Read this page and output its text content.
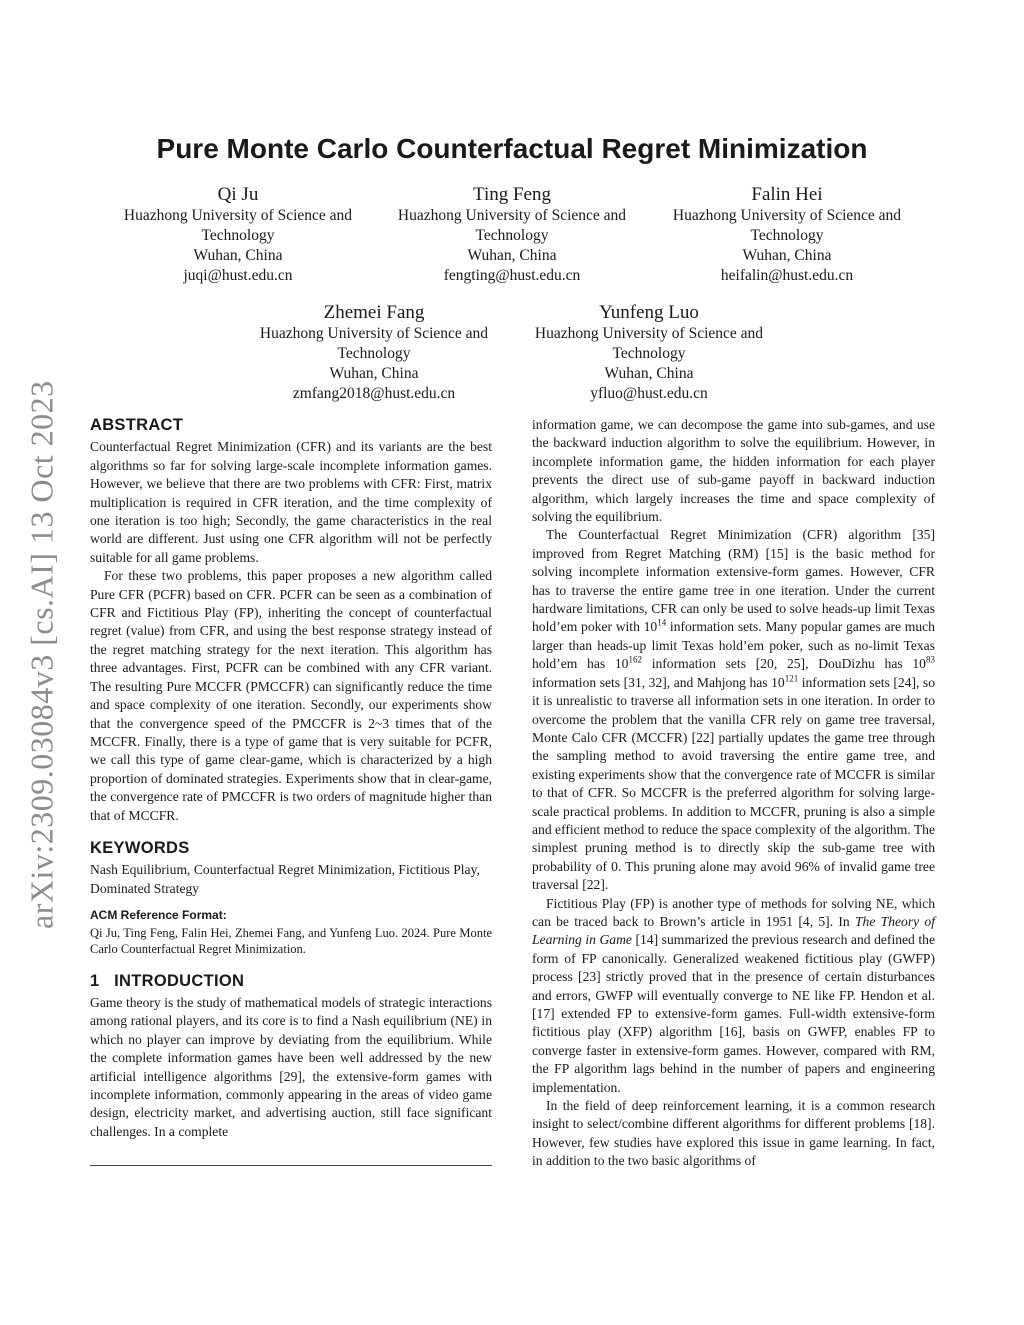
arXiv:2309.03084v3 [cs.AI] 13 Oct 2023
Pure Monte Carlo Counterfactual Regret Minimization
Qi Ju
Huazhong University of Science and
Technology
Wuhan, China
juqi@hust.edu.cn
Ting Feng
Huazhong University of Science and
Technology
Wuhan, China
fengting@hust.edu.cn
Falin Hei
Huazhong University of Science and
Technology
Wuhan, China
heifalin@hust.edu.cn
Zhemei Fang
Huazhong University of Science and
Technology
Wuhan, China
zmfang2018@hust.edu.cn
Yunfeng Luo
Huazhong University of Science and
Technology
Wuhan, China
yfluo@hust.edu.cn
ABSTRACT

Counterfactual Regret Minimization (CFR) and its variants are the best algorithms so far for solving large-scale incomplete information games. However, we believe that there are two problems with CFR: First, matrix multiplication is required in CFR iteration, and the time complexity of one iteration is too high; Secondly, the game characteristics in the real world are different. Just using one CFR algorithm will not be perfectly suitable for all game problems.

For these two problems, this paper proposes a new algorithm called Pure CFR (PCFR) based on CFR. PCFR can be seen as a combination of CFR and Fictitious Play (FP), inheriting the concept of counterfactual regret (value) from CFR, and using the best response strategy instead of the regret matching strategy for the next iteration. This algorithm has three advantages. First, PCFR can be combined with any CFR variant. The resulting Pure MCCFR (PMCCFR) can significantly reduce the time and space complexity of one iteration. Secondly, our experiments show that the convergence speed of the PMCCFR is 2~3 times that of the MCCFR. Finally, there is a type of game that is very suitable for PCFR, we call this type of game clear-game, which is characterized by a high proportion of dominated strategies. Experiments show that in clear-game, the convergence rate of PMCCFR is two orders of magnitude higher than that of MCCFR.

KEYWORDS

Nash Equilibrium, Counterfactual Regret Minimization, Fictitious Play, Dominated Strategy

ACM Reference Format:

Qi Ju, Ting Feng, Falin Hei, Zhemei Fang, and Yunfeng Luo. 2024. Pure Monte Carlo Counterfactual Regret Minimization.

1   INTRODUCTION

Game theory is the study of mathematical models of strategic interactions among rational players, and its core is to find a Nash equilibrium (NE) in which no player can improve by deviating from the equilibrium. While the complete information games have been well addressed by the new artificial intelligence algorithms [29], the extensive-form games with incomplete information, commonly appearing in the areas of video game design, electricity market, and advertising auction, still face significant challenges. In a complete

information game, we can decompose the game into sub-games, and use the backward induction algorithm to solve the equilibrium. However, in incomplete information game, the hidden information for each player prevents the direct use of sub-game payoff in backward induction algorithm, which largely increases the time and space complexity of solving the equilibrium.

The Counterfactual Regret Minimization (CFR) algorithm [35] improved from Regret Matching (RM) [15] is the basic method for solving incomplete information extensive-form games. However, CFR has to traverse the entire game tree in one iteration. Under the current hardware limitations, CFR can only be used to solve heads-up limit Texas hold’em poker with $10^{14}$ information sets. Many popular games are much larger than heads-up limit Texas hold’em poker, such as no-limit Texas hold’em has $10^{162}$ information sets [20, 25], DouDizhu has $10^{83}$ information sets [31, 32], and Mahjong has $10^{121}$ information sets [24], so it is unrealistic to traverse all information sets in one iteration. In order to overcome the problem that the vanilla CFR rely on game tree traversal, Monte Calo CFR (MCCFR) [22] partially updates the game tree through the sampling method to avoid traversing the entire game tree, and existing experiments show that the convergence rate of MCCFR is similar to that of CFR. So MCCFR is the preferred algorithm for solving large-scale practical problems. In addition to MCCFR, pruning is also a simple and efficient method to reduce the space complexity of the algorithm. The simplest pruning method is to directly skip the sub-game tree with probability of 0. This pruning alone may avoid 96% of invalid game tree traversal [22].

Fictitious Play (FP) is another type of methods for solving NE, which can be traced back to Brown’s article in 1951 [4, 5]. In The Theory of Learning in Game [14] summarized the previous research and defined the form of FP canonically. Generalized weakened fictitious play (GWFP) process [23] strictly proved that in the presence of certain disturbances and errors, GWFP will eventually converge to NE like FP. Hendon et al. [17] extended FP to extensive-form games. Full-width extensive-form fictitious play (XFP) algorithm [16], basis on GWFP, enables FP to converge faster in extensive-form games. However, compared with RM, the FP algorithm lags behind in the number of papers and engineering implementation.

In the field of deep reinforcement learning, it is a common research insight to select/combine different algorithms for different problems [18]. However, few studies have explored this issue in game learning. In fact, in addition to the two basic algorithms of
